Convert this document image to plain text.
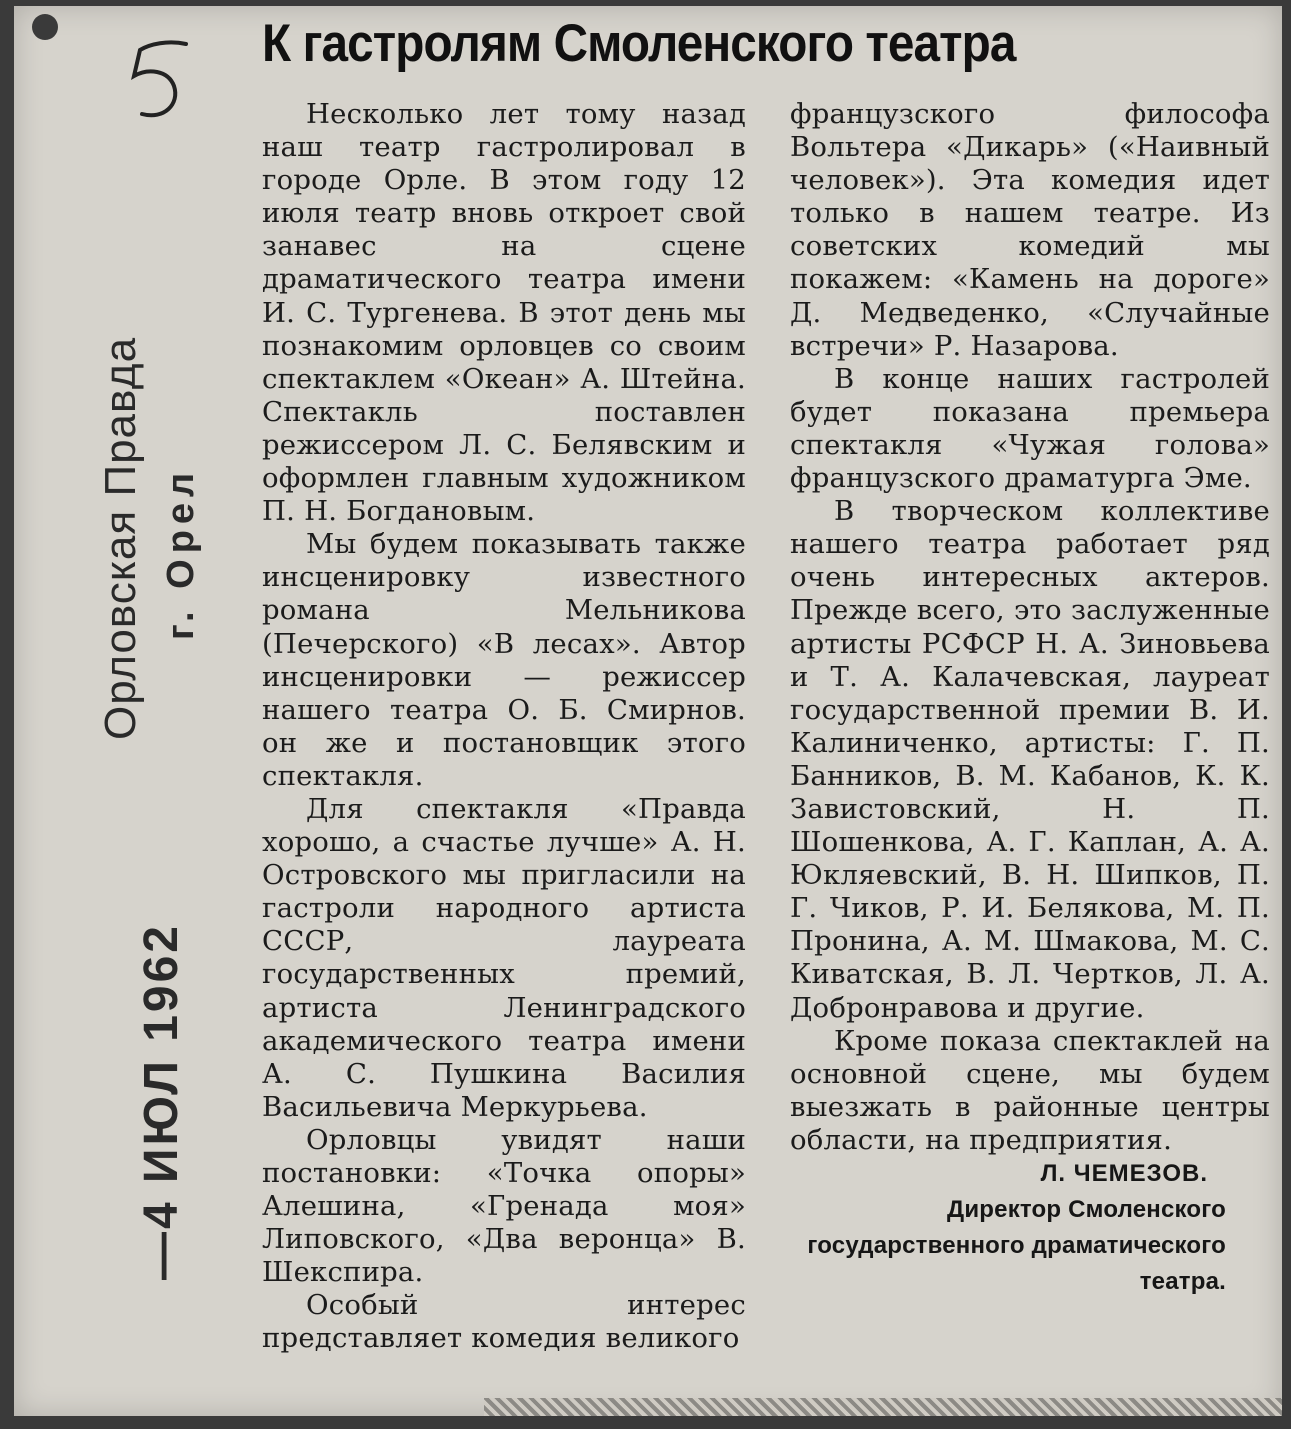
К гастролям Смоленского театра
Орловская Правда г. Орел
—4 ИЮЛ 1962

Несколько лет тому назад наш театр гастролировал в городе Орле. В этом году 12 июля театр вновь откроет свой занавес на сцене драматического театра имени И. С. Тургенева. В этот день мы познакомим орловцев со своим спектаклем «Океан» А. Штейна. Спектакль поставлен режиссером Л. С. Белявским и оформлен главным художником П. Н. Богдановым.

Мы будем показывать также инсценировку известного романа Мельникова (Печерского) «В лесах». Автор инсценировки — режиссер нашего театра О. Б. Смирнов. он же и постановщик этого спектакля.

Для спектакля «Правда хорошо, а счастье лучше» А. Н. Островского мы пригласили на гастроли народного артиста СССР, лауреата государственных премий, артиста Ленинградского академического театра имени А. С. Пушкина Василия Васильевича Меркурьева.

Орловцы увидят наши постановки: «Точка опоры» Алешина, «Гренада моя» Липовского, «Два веронца» В. Шекспира.

Особый интерес представляет комедия великого

французского философа Вольтера «Дикарь» («Наивный человек»). Эта комедия идет только в нашем театре. Из советских комедий мы покажем: «Камень на дороге» Д. Медведенко, «Случайные встречи» Р. Назарова.

В конце наших гастролей будет показана премьера спектакля «Чужая голова» французского драматурга Эме.

В творческом коллективе нашего театра работает ряд очень интересных актеров. Прежде всего, это заслуженные артисты РСФСР Н. А. Зиновьева и Т. А. Калачевская, лауреат государственной премии В. И. Калиниченко, артисты: Г. П. Банников, В. М. Кабанов, К. К. Завистовский, Н. П. Шошенкова, А. Г. Каплан, А. А. Юкляевский, В. Н. Шипков, П. Г. Чиков, Р. И. Белякова, М. П. Пронина, А. М. Шмакова, М. С. Киватская, В. Л. Чертков, Л. А. Добронравова и другие.

Кроме показа спектаклей на основной сцене, мы будем выезжать в районные центры области, на предприятия.

Л. ЧЕМЕЗОВ.
Директор Смоленского государственного драматического театра.
